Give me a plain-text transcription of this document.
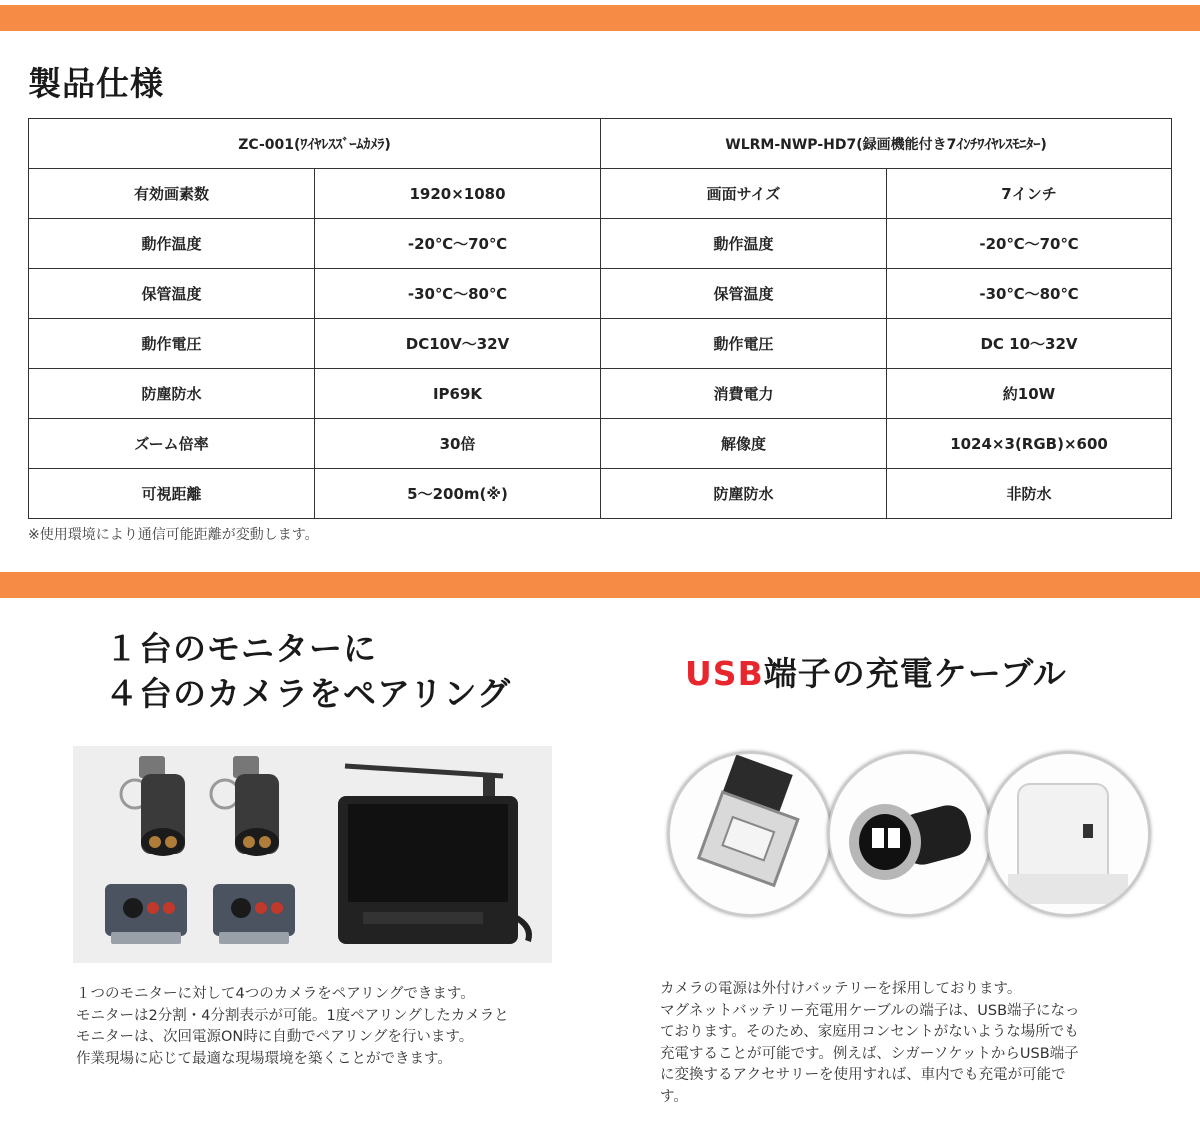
製品仕様
ZC-001(ﾜｲﾔﾚｽｽﾞｰﾑｶﾒﾗ)		WLRM-NWP-HD7(録画機能付き7ｲﾝﾁﾜｲﾔﾚｽﾓﾆﾀｰ)	
有効画素数	1920×1080	画面サイズ	7インチ
動作温度	-20℃〜70℃	動作温度	-20℃〜70℃
保管温度	-30℃〜80℃	保管温度	-30℃〜80℃
動作電圧	DC10V〜32V	動作電圧	DC 10〜32V
防塵防水	IP69K	消費電力	約10W
ズーム倍率	30倍	解像度	1024×3(RGB)×600
可視距離	5〜200m(※)	防塵防水	非防水
※使用環境により通信可能距離が変動します。
１台のモニターに
４台のカメラをペアリング
１つのモニターに対して4つのカメラをペアリングできます。
モニターは2分割・4分割表示が可能。1度ペアリングしたカメラと
モニターは、次回電源ON時に自動でペアリングを行います。
作業現場に応じて最適な現場環境を築くことができます。
USB端子の充電ケーブル
カメラの電源は外付けバッテリーを採用しております。
マグネットバッテリー充電用ケーブルの端子は、USB端子になっ
ております。そのため、家庭用コンセントがないような場所でも
充電することが可能です。例えば、シガーソケットからUSB端子
に変換するアクセサリーを使用すれば、車内でも充電が可能で
す。
